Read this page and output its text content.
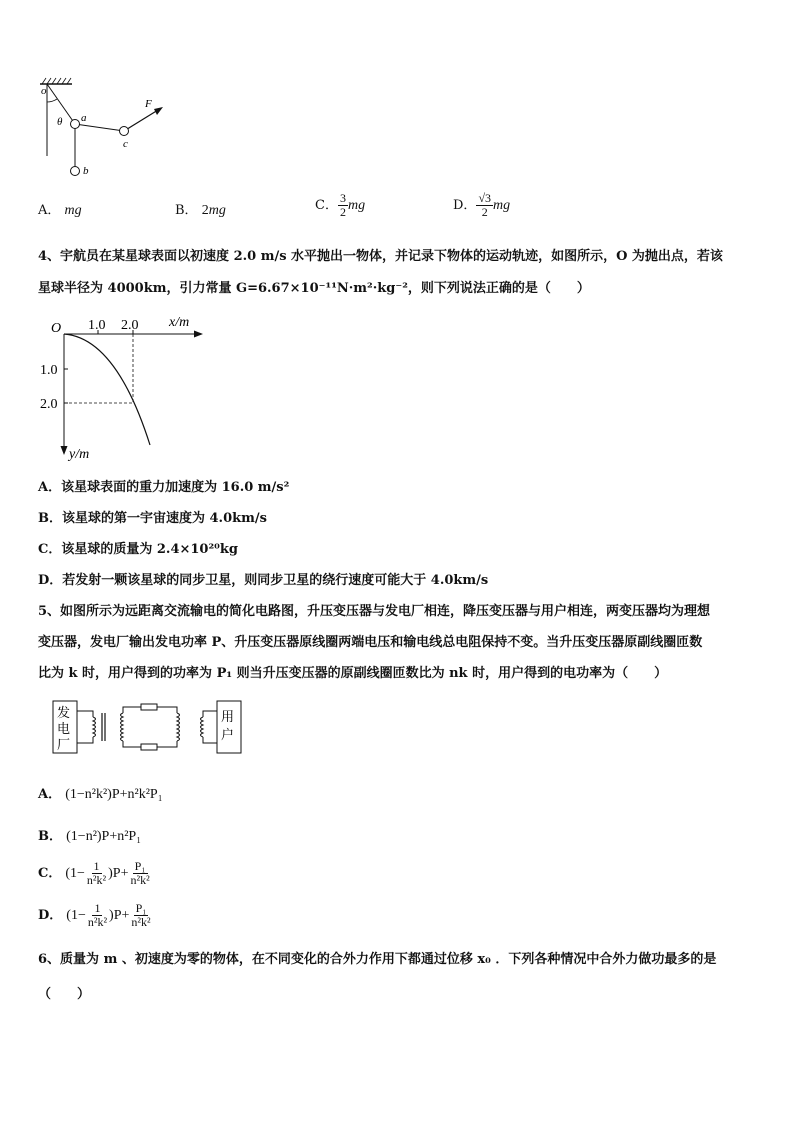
o
θ a
b
c
F
A． mg	B． 2mg	C． $\frac{3}{2}$ mg	D． $\frac{√3}{2}$ mg
4、宇航员在某星球表面以初速度 2.0 m/s 水平抛出一物体，并记录下物体的运动轨迹，如图所示，O 为抛出点，若该
星球半径为 4000km，引力常量 G=6.67×10⁻¹¹N·m²·kg⁻²，则下列说法正确的是（　　）
O 1.0 2.0 x/m
1.0
2.0
y/m
A．该星球表面的重力加速度为 16.0 m/s²
B．该星球的第一宇宙速度为 4.0km/s
C．该星球的质量为 2.4×10²⁰kg
D．若发射一颗该星球的同步卫星，则同步卫星的绕行速度可能大于 4.0km/s
5、如图所示为远距离交流输电的简化电路图，升压变压器与发电厂相连，降压变压器与用户相连，两变压器均为理想
变压器，发电厂输出发电功率 P、升压变压器原线圈两端电压和输电线总电阻保持不变。当升压变压器原副线圈匝数
比为 k 时，用户得到的功率为 P₁ 则当升压变压器的原副线圈匝数比为 nk 时，用户得到的电功率为（　　）
发
电
厂
用
户
A． (1−n²k²)P+n²k²P₁
B． (1−n²)P+n²P₁
C． $(1- \frac{1}{\text{n²k²}} )P+ \frac{\text{P₁}}{\text{n²k²}}$
D． $(1- \frac{1}{\text{n²k²}} )P+ \frac{\text{P₁}}{\text{n²k²}}$
6、质量为 m 、初速度为零的物体，在不同变化的合外力作用下都通过位移 x₀ ．下列各种情况中合外力做功最多的是
（　　）
